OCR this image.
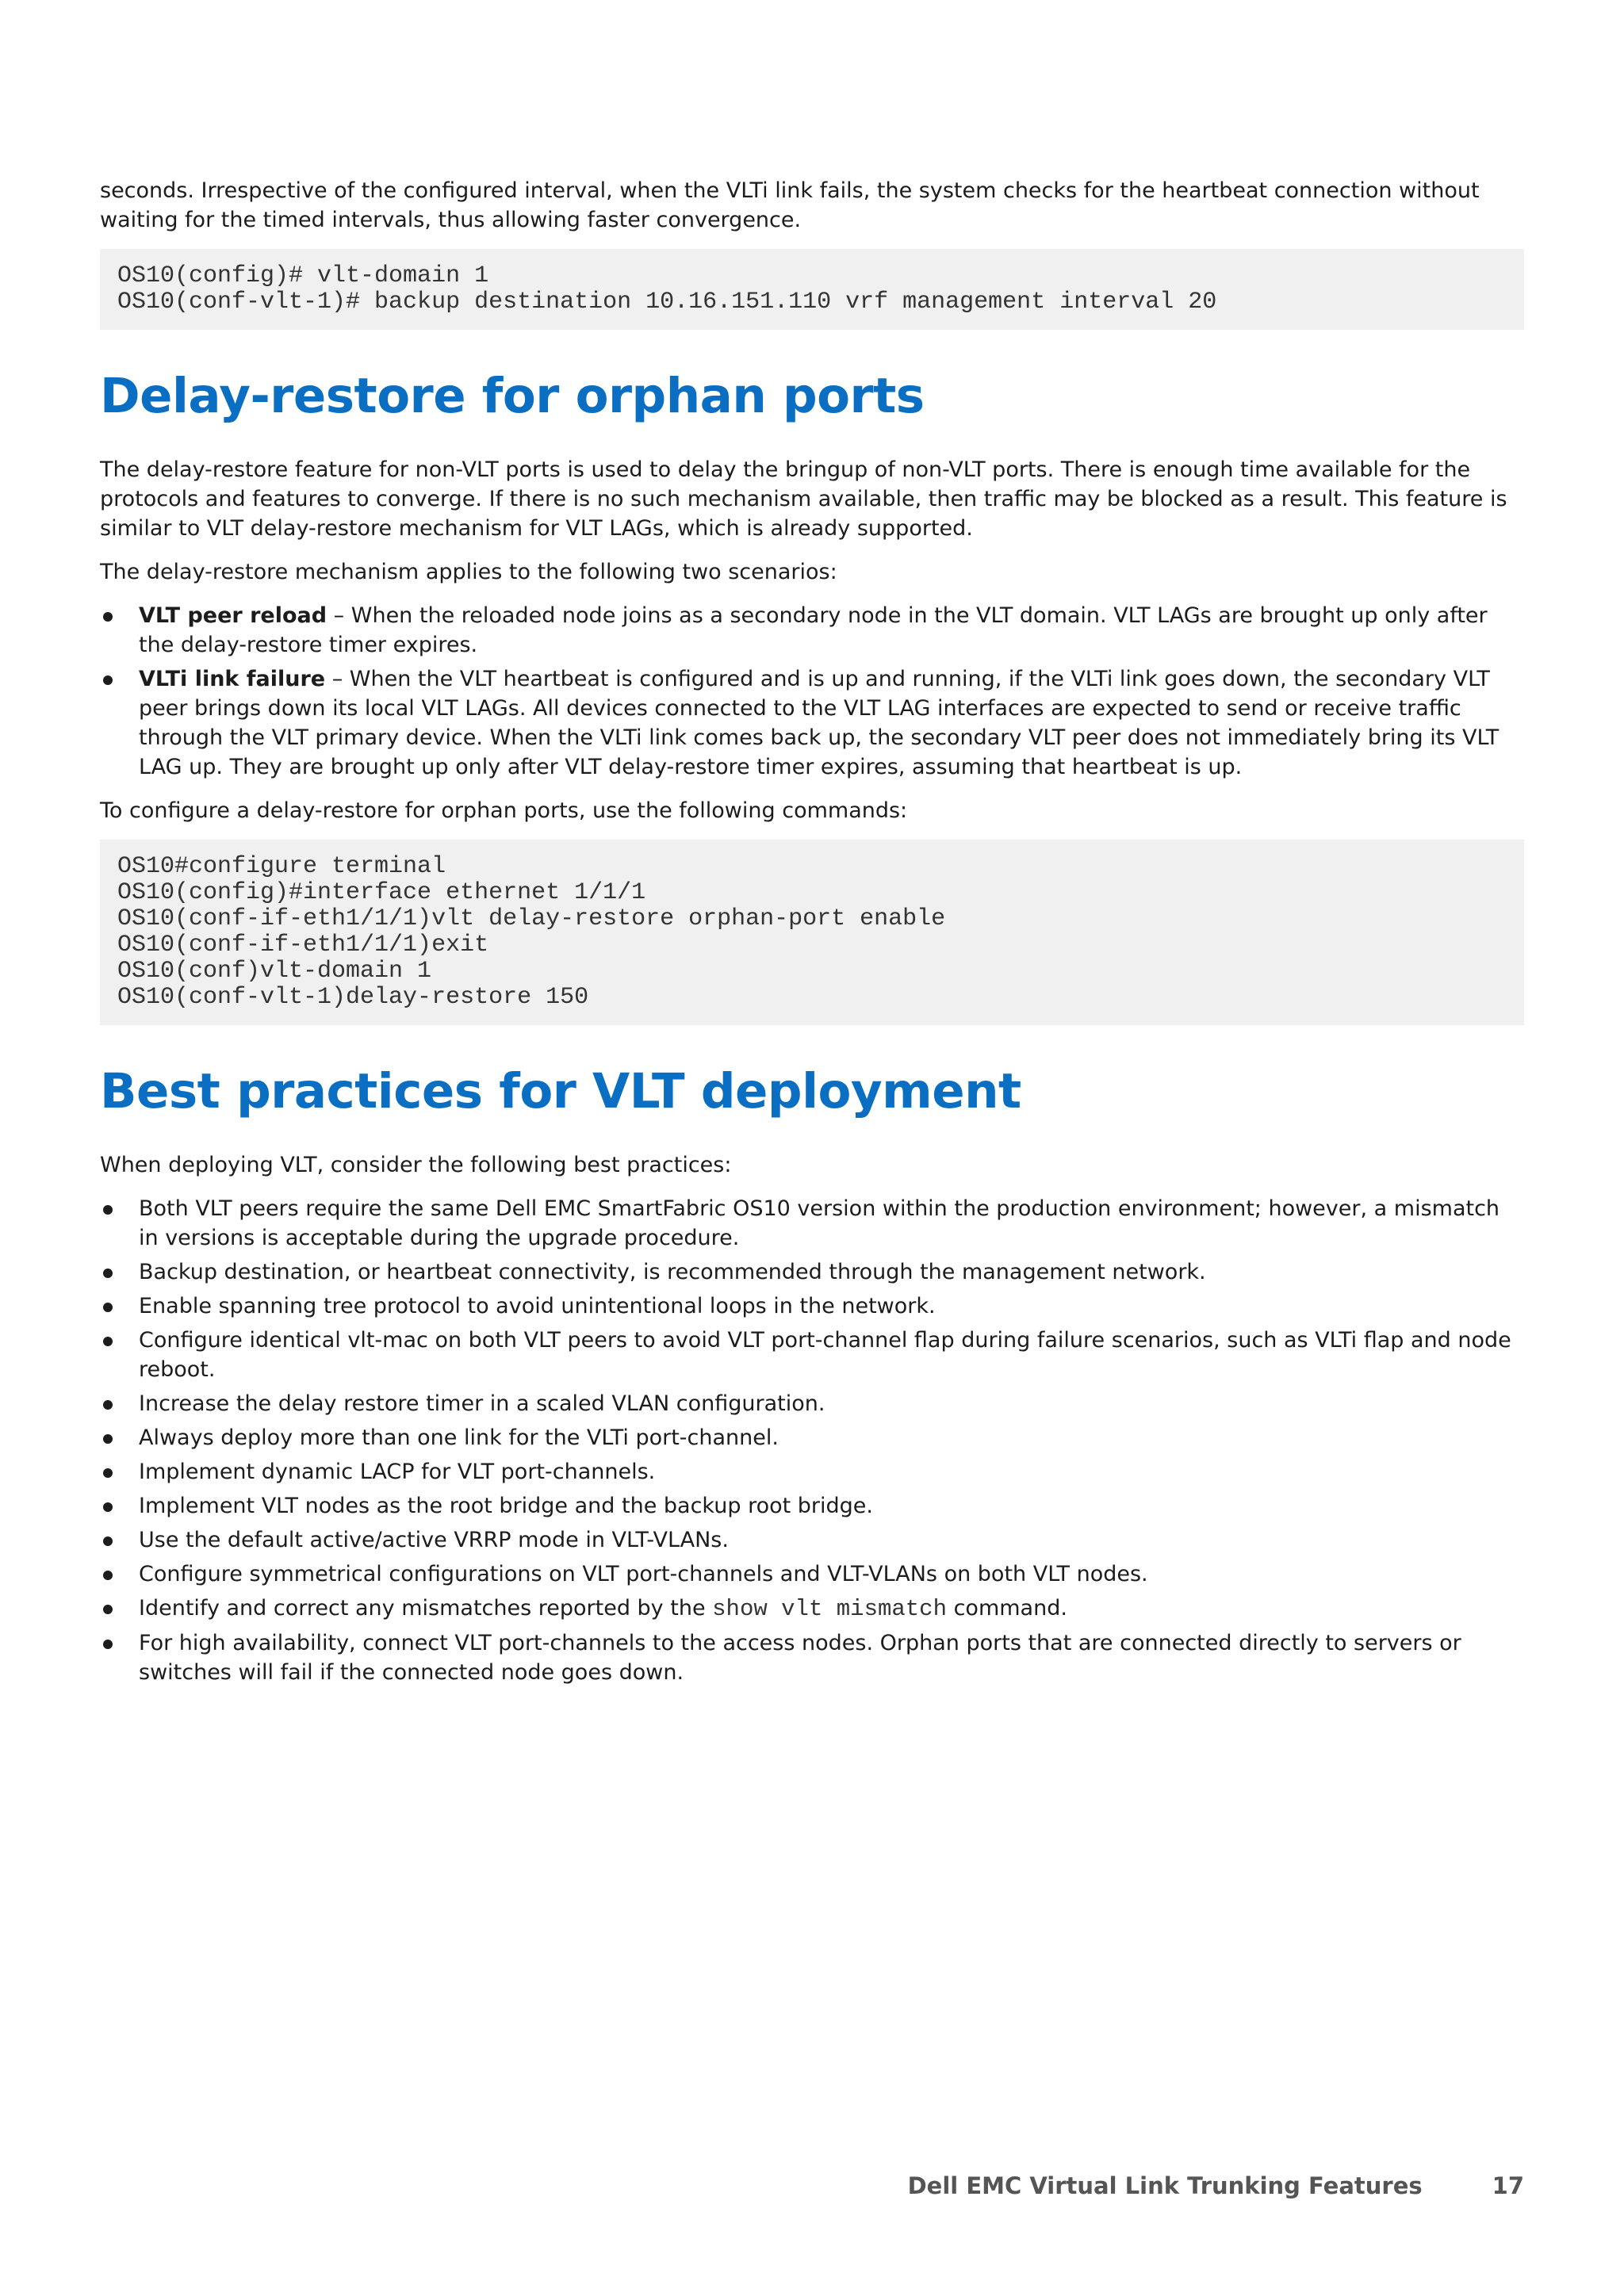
seconds. Irrespective of the configured interval, when the VLTi link fails, the system checks for the heartbeat connection without waiting for the timed intervals, thus allowing faster convergence.

OS10(config)# vlt-domain 1
OS10(conf-vlt-1)# backup destination 10.16.151.110 vrf management interval 20
Delay-restore for orphan ports

The delay-restore feature for non-VLT ports is used to delay the bringup of non-VLT ports. There is enough time available for the protocols and features to converge. If there is no such mechanism available, then traffic may be blocked as a result. This feature is similar to VLT delay-restore mechanism for VLT LAGs, which is already supported.

The delay-restore mechanism applies to the following two scenarios:

VLT peer reload – When the reloaded node joins as a secondary node in the VLT domain. VLT LAGs are brought up only after the delay-restore timer expires.
VLTi link failure – When the VLT heartbeat is configured and is up and running, if the VLTi link goes down, the secondary VLT peer brings down its local VLT LAGs. All devices connected to the VLT LAG interfaces are expected to send or receive traffic through the VLT primary device. When the VLTi link comes back up, the secondary VLT peer does not immediately bring its VLT LAG up. They are brought up only after VLT delay-restore timer expires, assuming that heartbeat is up.

To configure a delay-restore for orphan ports, use the following commands:

OS10#configure terminal
OS10(config)#interface ethernet 1/1/1
OS10(conf-if-eth1/1/1)vlt delay-restore orphan-port enable
OS10(conf-if-eth1/1/1)exit
OS10(conf)vlt-domain 1
OS10(conf-vlt-1)delay-restore 150
Best practices for VLT deployment

When deploying VLT, consider the following best practices:

Both VLT peers require the same Dell EMC SmartFabric OS10 version within the production environment; however, a mismatch in versions is acceptable during the upgrade procedure.
Backup destination, or heartbeat connectivity, is recommended through the management network.
Enable spanning tree protocol to avoid unintentional loops in the network.
Configure identical vlt-mac on both VLT peers to avoid VLT port-channel flap during failure scenarios, such as VLTi flap and node reboot.
Increase the delay restore timer in a scaled VLAN configuration.
Always deploy more than one link for the VLTi port-channel.
Implement dynamic LACP for VLT port-channels.
Implement VLT nodes as the root bridge and the backup root bridge.
Use the default active/active VRRP mode in VLT-VLANs.
Configure symmetrical configurations on VLT port-channels and VLT-VLANs on both VLT nodes.
Identify and correct any mismatches reported by the show vlt mismatch command.
For high availability, connect VLT port-channels to the access nodes. Orphan ports that are connected directly to servers or switches will fail if the connected node goes down.
Dell EMC Virtual Link Trunking Features	17
